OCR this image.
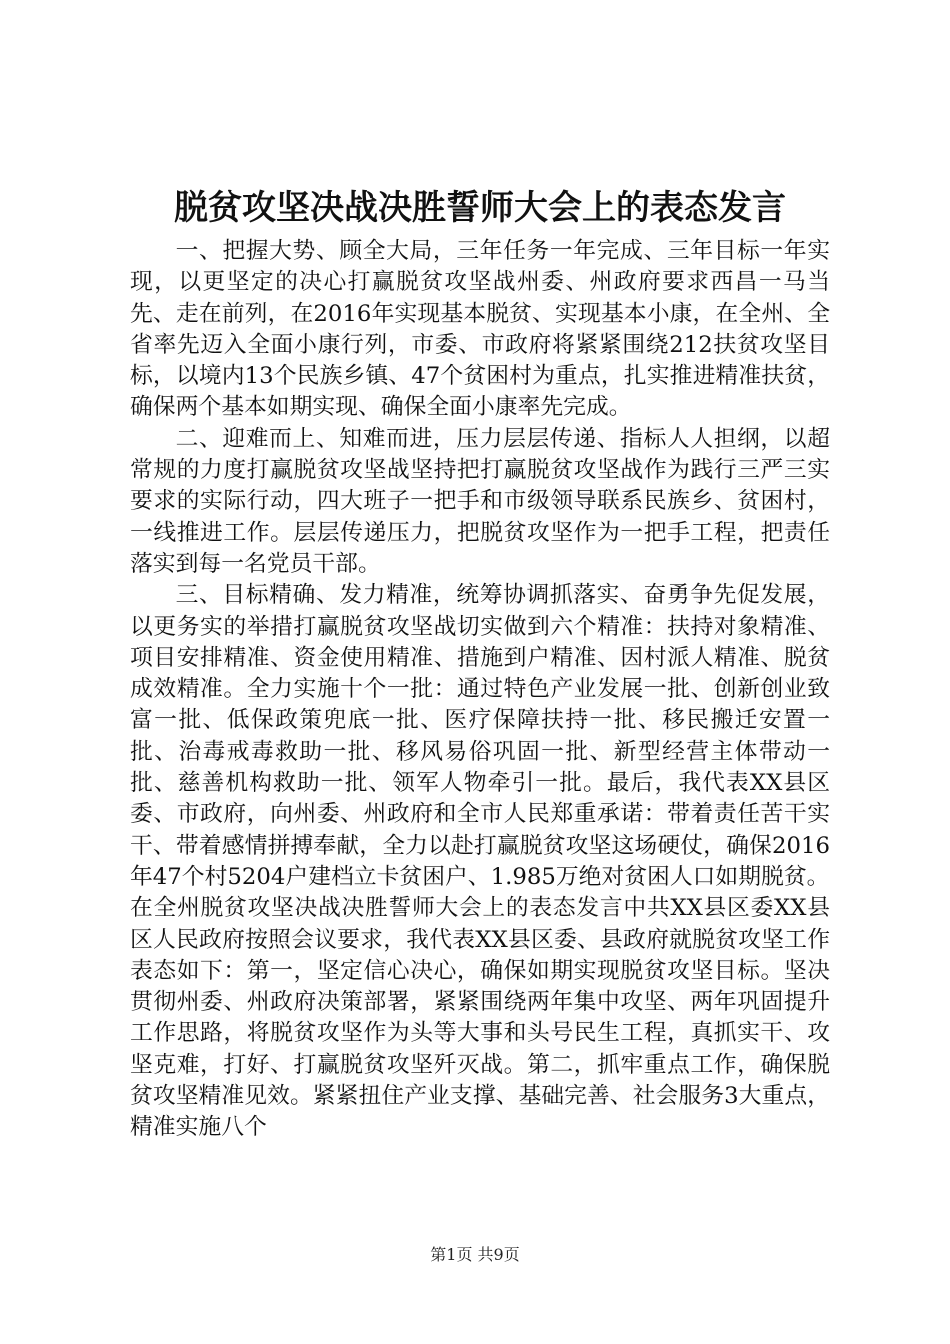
脱贫攻坚决战决胜誓师大会上的表态发言

一、把握大势、顾全大局，三年任务一年完成、三年目标一年实现，以更坚定的决心打赢脱贫攻坚战州委、州政府要求西昌一马当先、走在前列，在2016年实现基本脱贫、实现基本小康，在全州、全省率先迈入全面小康行列，市委、市政府将紧紧围绕212扶贫攻坚目标，以境内13个民族乡镇、47个贫困村为重点，扎实推进精准扶贫，确保两个基本如期实现、确保全面小康率先完成。

二、迎难而上、知难而进，压力层层传递、指标人人担纲，以超常规的力度打赢脱贫攻坚战坚持把打赢脱贫攻坚战作为践行三严三实要求的实际行动，四大班子一把手和市级领导联系民族乡、贫困村，一线推进工作。层层传递压力，把脱贫攻坚作为一把手工程，把责任落实到每一名党员干部。

三、目标精确、发力精准，统筹协调抓落实、奋勇争先促发展，以更务实的举措打赢脱贫攻坚战切实做到六个精准：扶持对象精准、项目安排精准、资金使用精准、措施到户精准、因村派人精准、脱贫成效精准。全力实施十个一批：通过特色产业发展一批、创新创业致富一批、低保政策兜底一批、医疗保障扶持一批、移民搬迁安置一批、治毒戒毒救助一批、移风易俗巩固一批、新型经营主体带动一批、慈善机构救助一批、领军人物牵引一批。最后，我代表XX县区委、市政府，向州委、州政府和全市人民郑重承诺：带着责任苦干实干、带着感情拼搏奉献，全力以赴打赢脱贫攻坚这场硬仗，确保2016年47个村5204户建档立卡贫困户、1.985万绝对贫困人口如期脱贫。

在全州脱贫攻坚决战决胜誓师大会上的表态发言中共XX县区委XX县区人民政府按照会议要求，我代表XX县区委、县政府就脱贫攻坚工作表态如下：第一，坚定信心决心，确保如期实现脱贫攻坚目标。坚决贯彻州委、州政府决策部署，紧紧围绕两年集中攻坚、两年巩固提升工作思路，将脱贫攻坚作为头等大事和头号民生工程，真抓实干、攻坚克难，打好、打赢脱贫攻坚歼灭战。第二，抓牢重点工作，确保脱贫攻坚精准见效。紧紧扭住产业支撑、基础完善、社会服务3大重点，精准实施八个

第1页 共9页
